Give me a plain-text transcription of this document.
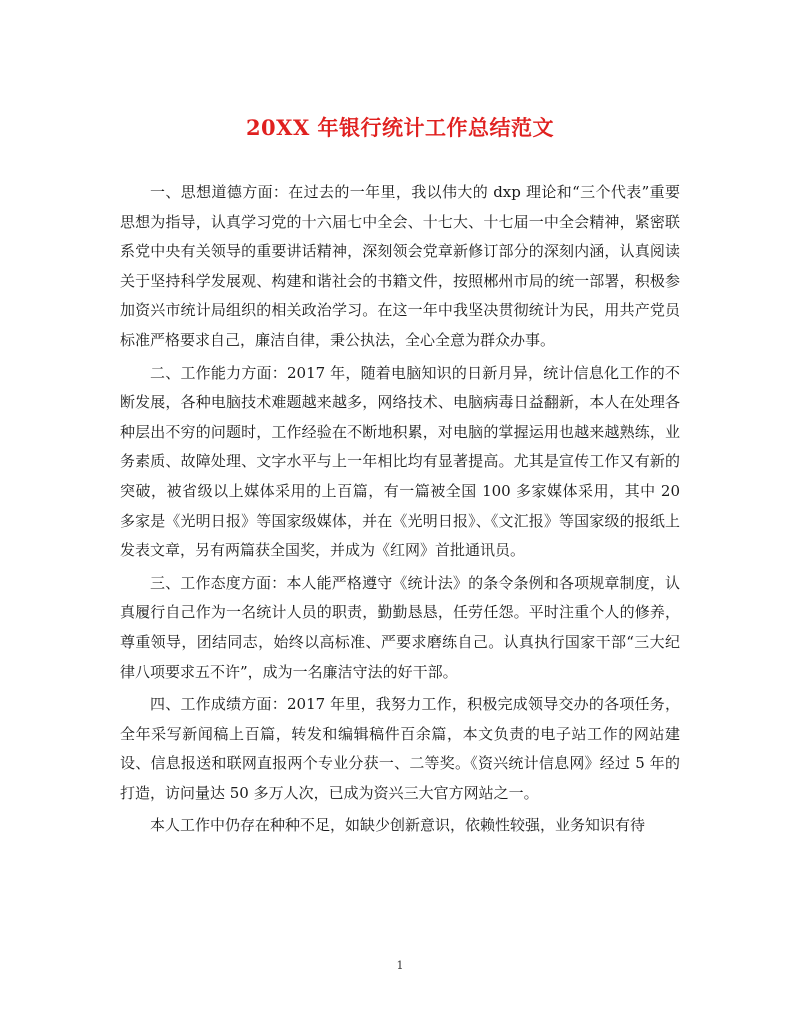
20XX 年银行统计工作总结范文

一、思想道德方面：在过去的一年里，我以伟大的 dxp 理论和“三个代表”重要思想为指导，认真学习党的十六届七中全会、十七大、十七届一中全会精神，紧密联系党中央有关领导的重要讲话精神，深刻领会党章新修订部分的深刻内涵，认真阅读关于坚持科学发展观、构建和谐社会的书籍文件，按照郴州市局的统一部署，积极参加资兴市统计局组织的相关政治学习。在这一年中我坚决贯彻统计为民，用共产党员标准严格要求自己，廉洁自律，秉公执法，全心全意为群众办事。

二、工作能力方面：2017 年，随着电脑知识的日新月异，统计信息化工作的不断发展，各种电脑技术难题越来越多，网络技术、电脑病毒日益翻新，本人在处理各种层出不穷的问题时，工作经验在不断地积累，对电脑的掌握运用也越来越熟练，业务素质、故障处理、文字水平与上一年相比均有显著提高。尤其是宣传工作又有新的突破，被省级以上媒体采用的上百篇，有一篇被全国 100 多家媒体采用，其中 20 多家是《光明日报》等国家级媒体，并在《光明日报》、《文汇报》等国家级的报纸上发表文章，另有两篇获全国奖，并成为《红网》首批通讯员。

三、工作态度方面：本人能严格遵守《统计法》的条令条例和各项规章制度，认真履行自己作为一名统计人员的职责，勤勤恳恳，任劳任怨。平时注重个人的修养，尊重领导，团结同志，始终以高标准、严要求磨练自己。认真执行国家干部“三大纪律八项要求五不许”，成为一名廉洁守法的好干部。

四、工作成绩方面：2017 年里，我努力工作，积极完成领导交办的各项任务，全年采写新闻稿上百篇，转发和编辑稿件百余篇，本文负责的电子站工作的网站建设、信息报送和联网直报两个专业分获一、二等奖。《资兴统计信息网》经过 5 年的打造，访问量达 50 多万人次，已成为资兴三大官方网站之一。

本人工作中仍存在种种不足，如缺少创新意识，依赖性较强，业务知识有待

1
